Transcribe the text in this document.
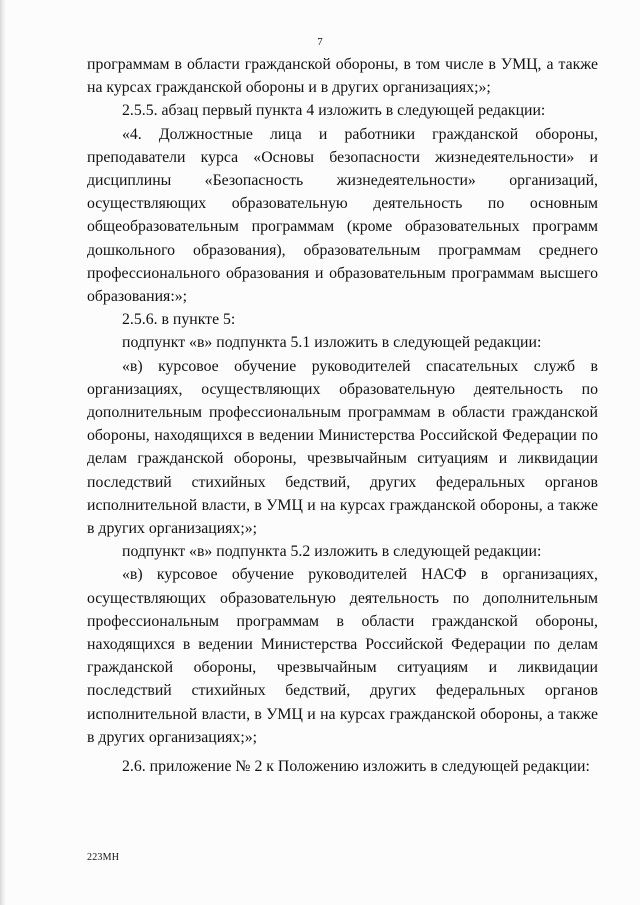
7

программам в области гражданской обороны, в том числе в УМЦ, а также на курсах гражданской обороны и в других организациях;»;

2.5.5. абзац первый пункта 4 изложить в следующей редакции:

«4. Должностные лица и работники гражданской обороны, преподаватели курса «Основы безопасности жизнедеятельности» и дисциплины «Безопасность жизнедеятельности» организаций, осуществляющих образовательную деятельность по основным общеобразовательным программам (кроме образовательных программ дошкольного образования), образовательным программам среднего профессионального образования и образовательным программам высшего образования:»;

2.5.6. в пункте 5:

подпункт «в» подпункта 5.1 изложить в следующей редакции:

«в) курсовое обучение руководителей спасательных служб в организациях, осуществляющих образовательную деятельность по дополнительным профессиональным программам в области гражданской обороны, находящихся в ведении Министерства Российской Федерации по делам гражданской обороны, чрезвычайным ситуациям и ликвидации последствий стихийных бедствий, других федеральных органов исполнительной власти, в УМЦ и на курсах гражданской обороны, а также в других организациях;»;

подпункт «в» подпункта 5.2 изложить в следующей редакции:

«в) курсовое обучение руководителей НАСФ в организациях, осуществляющих образовательную деятельность по дополнительным профессиональным программам в области гражданской обороны, находящихся в ведении Министерства Российской Федерации по делам гражданской обороны, чрезвычайным ситуациям и ликвидации последствий стихийных бедствий, других федеральных органов исполнительной власти, в УМЦ и на курсах гражданской обороны, а также в других организациях;»;

2.6. приложение № 2 к Положению изложить в следующей редакции:

223МН
